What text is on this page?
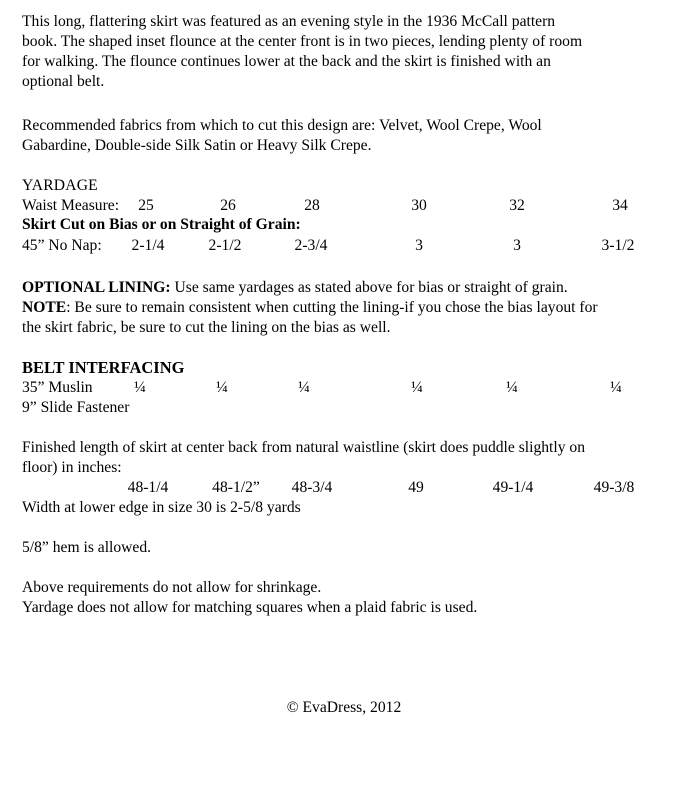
This long, flattering skirt was featured as an evening style in the 1936 McCall pattern
book. The shaped inset flounce at the center front is in two pieces, lending plenty of room
for walking. The flounce continues lower at the back and the skirt is finished with an
optional belt.
Recommended fabrics from which to cut this design are: Velvet, Wool Crepe, Wool
Gabardine, Double-side Silk Satin or Heavy Silk Crepe.
YARDAGE
Waist Measure: 25	26	28	30	32	34
Skirt Cut on Bias or on Straight of Grain:
45” No Nap: 2-1/4	2-1/2	2-3/4	3	3	3-1/2
OPTIONAL LINING: Use same yardages as stated above for bias or straight of grain.
NOTE: Be sure to remain consistent when cutting the lining-if you chose the bias layout for
the skirt fabric, be sure to cut the lining on the bias as well.
BELT INTERFACING
35” Muslin	¼	¼	¼	¼	¼	¼
9” Slide Fastener
Finished length of skirt at center back from natural waistline (skirt does puddle slightly on
floor) in inches:
48-1/4	48-1/2” 48-3/4	49	49-1/4	49-3/8
Width at lower edge in size 30 is 2-5/8 yards
5/8” hem is allowed.
Above requirements do not allow for shrinkage.
Yardage does not allow for matching squares when a plaid fabric is used.
© EvaDress, 2012
